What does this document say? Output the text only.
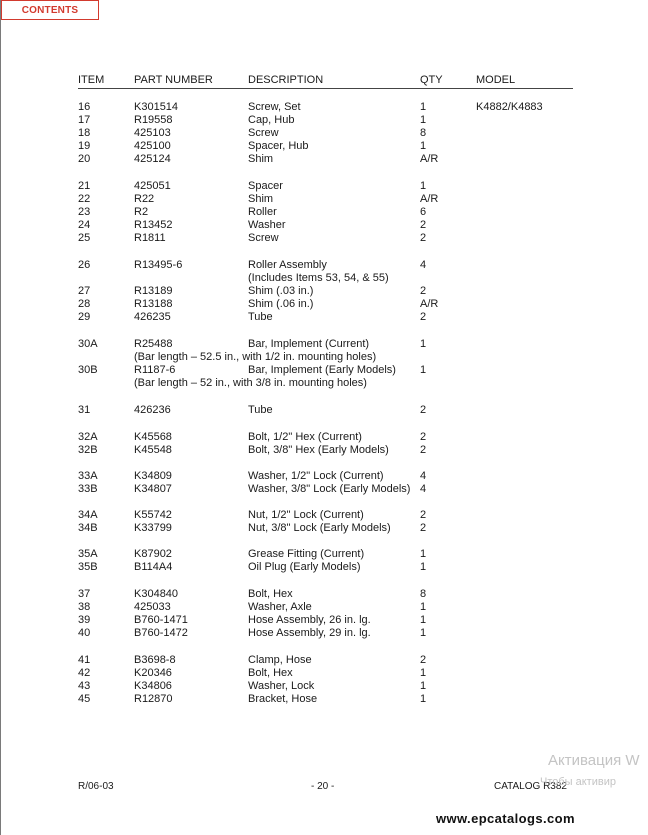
CONTENTS
ITEM	PART NUMBER	DESCRIPTION	QTY	MODEL
16	K301514	Screw, Set	1	K4882/K4883
17	R19558	Cap, Hub	1
18	425103	Screw	8
19	425100	Spacer, Hub	1
20	425124	Shim	A/R
21	425051	Spacer	1
22	R22	Shim	A/R
23	R2	Roller	6
24	R13452	Washer	2
25	R1811	Screw	2
26	R13495-6	Roller Assembly	4
(Includes Items 53, 54, & 55)
27	R13189	Shim (.03 in.)	2
28	R13188	Shim (.06 in.)	A/R
29	426235	Tube	2
30A	R25488	Bar, Implement (Current)	1
(Bar length – 52.5 in., with 1/2 in. mounting holes)
30B	R1187-6	Bar, Implement (Early Models) 1
(Bar length – 52 in., with 3/8 in. mounting holes)
31	426236	Tube	2
32A	K45568	Bolt, 1/2" Hex (Current)	2
32B	K45548	Bolt, 3/8" Hex (Early Models)	2
33A	K34809	Washer, 1/2" Lock (Current)	4
33B	K34807	Washer, 3/8" Lock (Early Models) 4
34A	K55742	Nut, 1/2" Lock (Current)	2
34B	K33799	Nut, 3/8" Lock (Early Models)	2
35A	K87902	Grease Fitting (Current)	1
35B	B114A4	Oil Plug (Early Models)	1
37	K304840	Bolt, Hex	8
38	425033	Washer, Axle	1
39	B760-1471	Hose Assembly, 26 in. lg.	1
40	B760-1472	Hose Assembly, 29 in. lg.	1
41	B3698-8	Clamp, Hose	2
42	K20346	Bolt, Hex	1
43	K34806	Washer, Lock	1
45	R12870	Bracket, Hose	1
R/06-03	- 20 -	CATALOG R382
Активация W
Чтобы активир
www.epcatalogs.com
